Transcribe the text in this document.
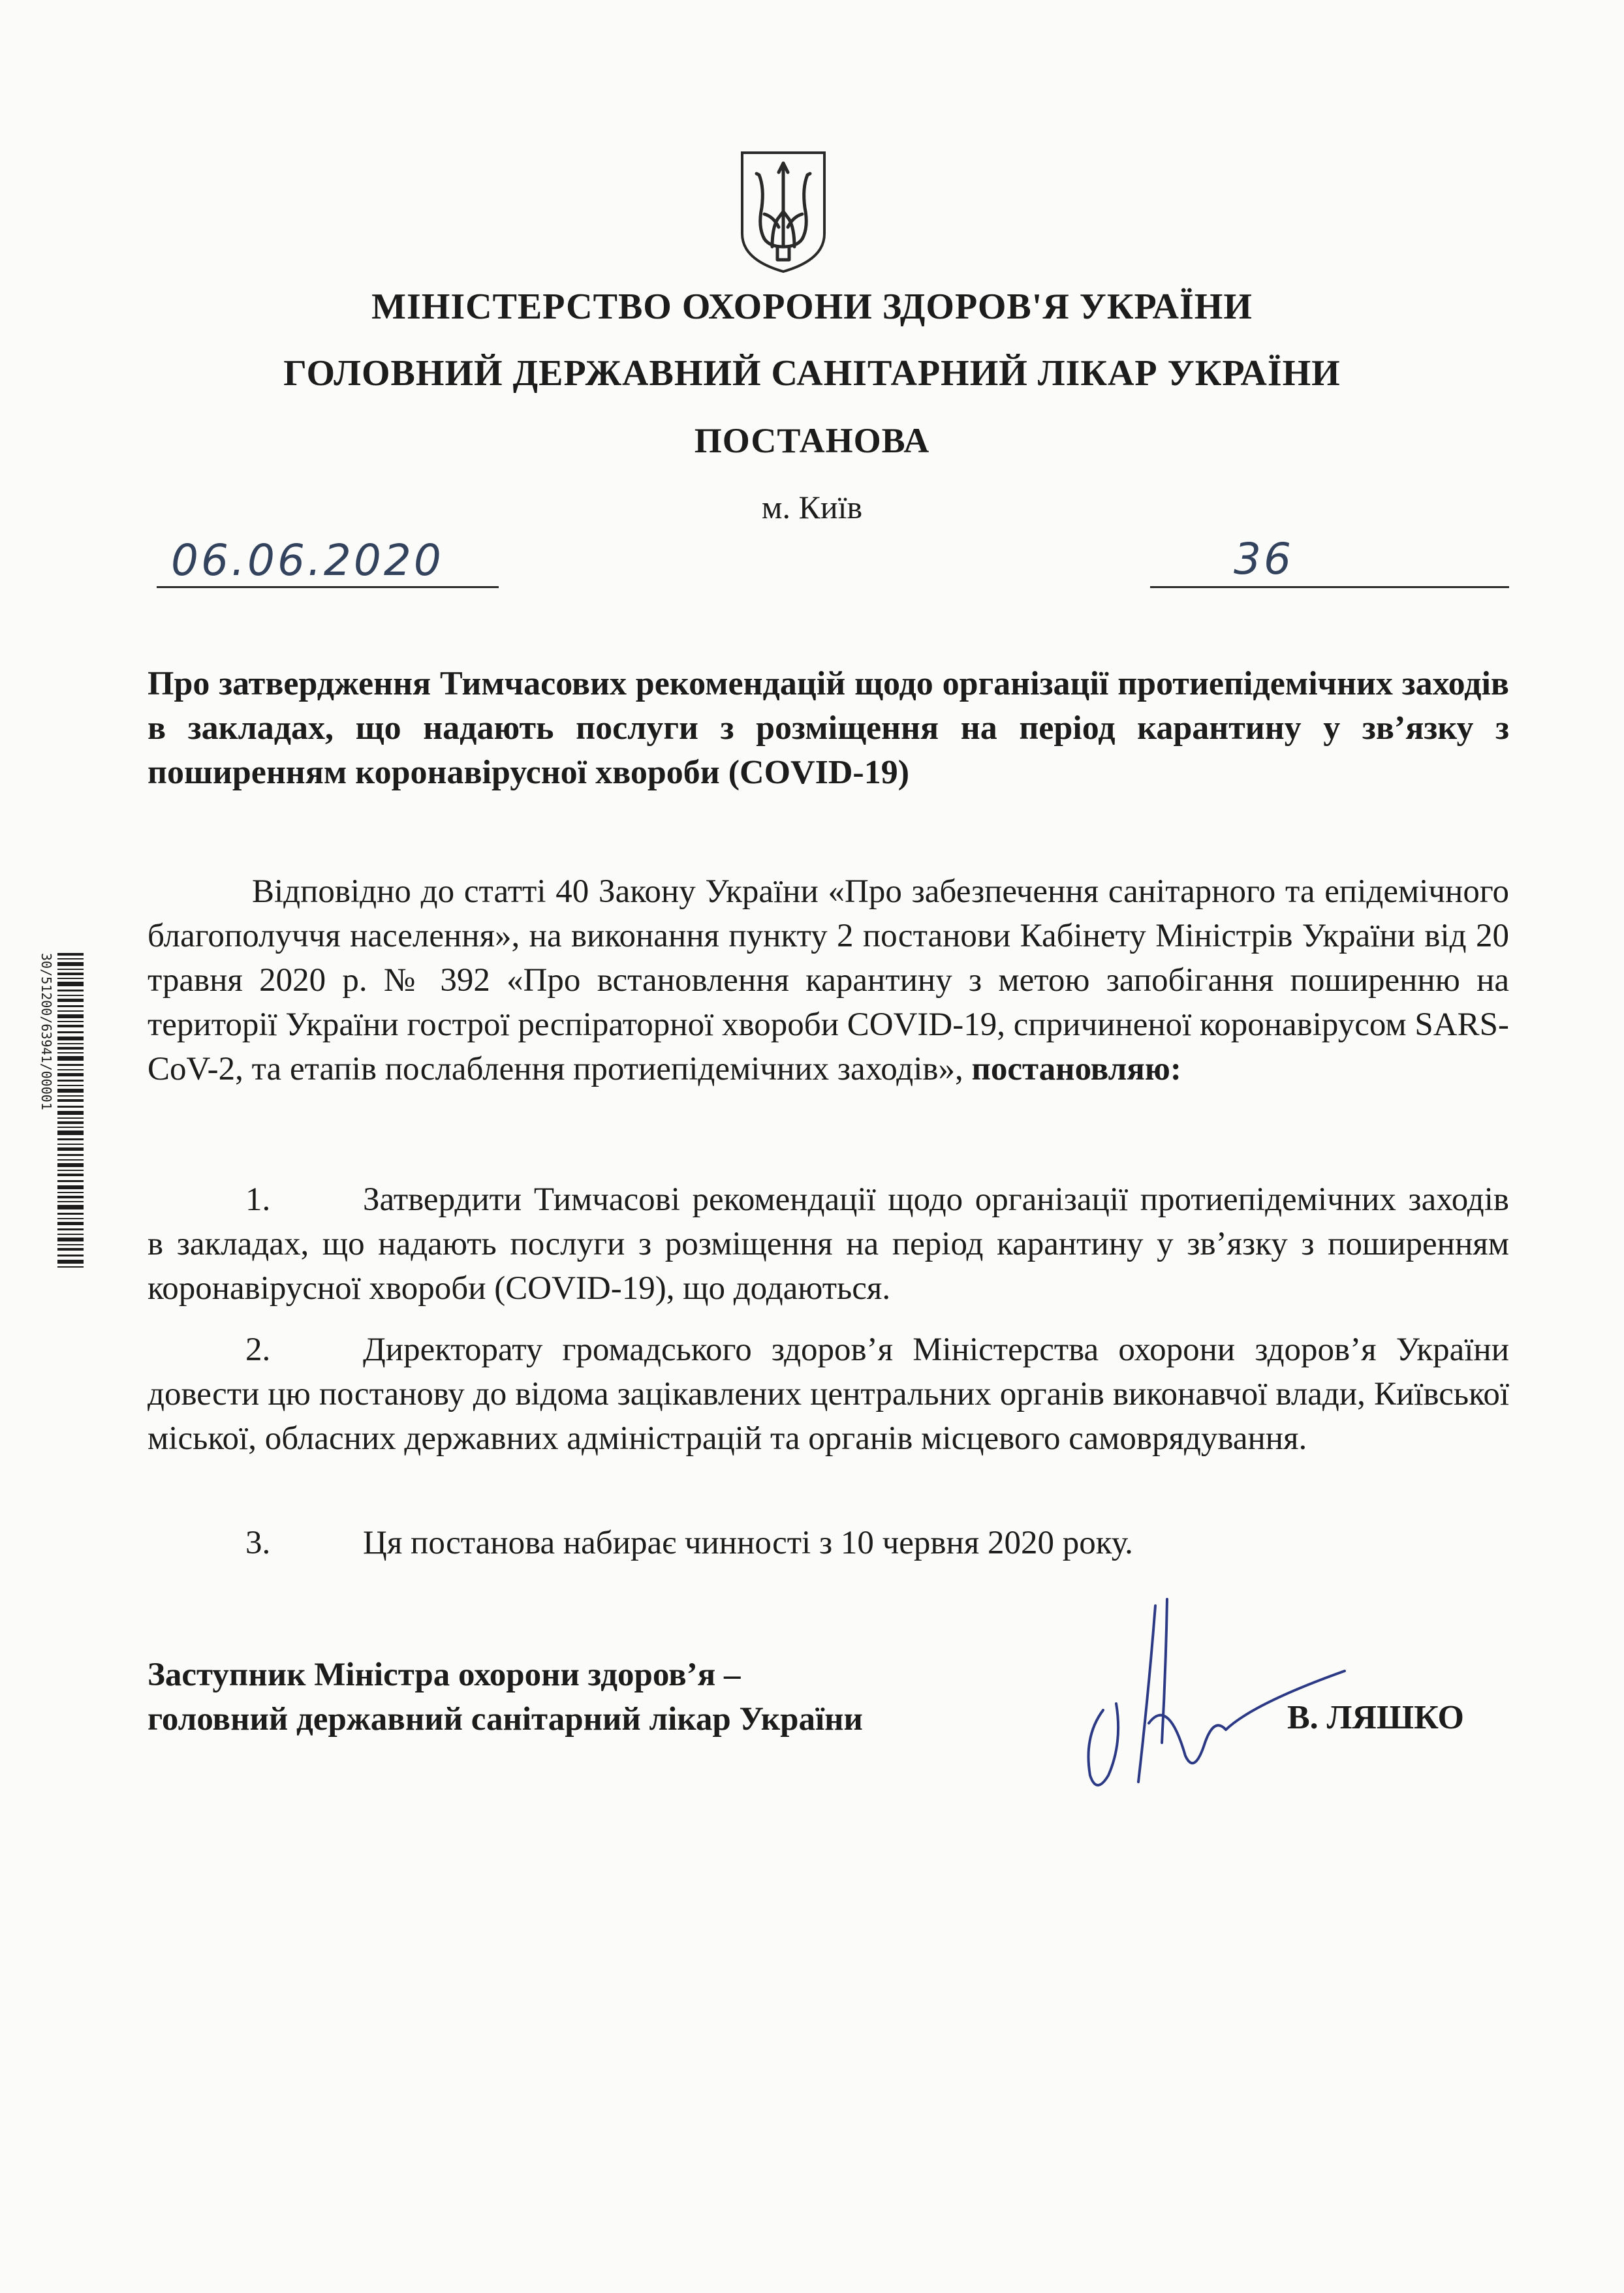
МІНІСТЕРСТВО ОХОРОНИ ЗДОРОВ'Я УКРАЇНИ
ГОЛОВНИЙ ДЕРЖАВНИЙ САНІТАРНИЙ ЛІКАР УКРАЇНИ
ПОСТАНОВА
м. Київ
06.06.2020	36
Про затвердження Тимчасових рекомендацій щодо організації протиепідемічних заходів в закладах, що надають послуги з розміщення на період карантину у зв’язку з поширенням коронавірусної хвороби (COVID-19)
Відповідно до статті 40 Закону України «Про забезпечення санітарного та епідемічного благополуччя населення», на виконання пункту 2 постанови Кабінету Міністрів України від 20 травня 2020 р. № 392 «Про встановлення карантину з метою запобігання поширенню на території України гострої респіраторної хвороби COVID-19, спричиненої коронавірусом SARS-CoV-2, та етапів послаблення протиепідемічних заходів», постановляю:
1.	Затвердити Тимчасові рекомендації щодо організації протиепідемічних заходів в закладах, що надають послуги з розміщення на період карантину у зв’язку з поширенням коронавірусної хвороби (COVID-19), що додаються.
2.	Директорату громадського здоров’я Міністерства охорони здоров’я України довести цю постанову до відома зацікавлених центральних органів виконавчої влади, Київської міської, обласних державних адміністрацій та органів місцевого самоврядування.
3.	Ця постанова набирає чинності з 10 червня 2020 року.
Заступник Міністра охорони здоров’я –
головний державний санітарний лікар України	В. ЛЯШКО
30/51200/63941/00001
